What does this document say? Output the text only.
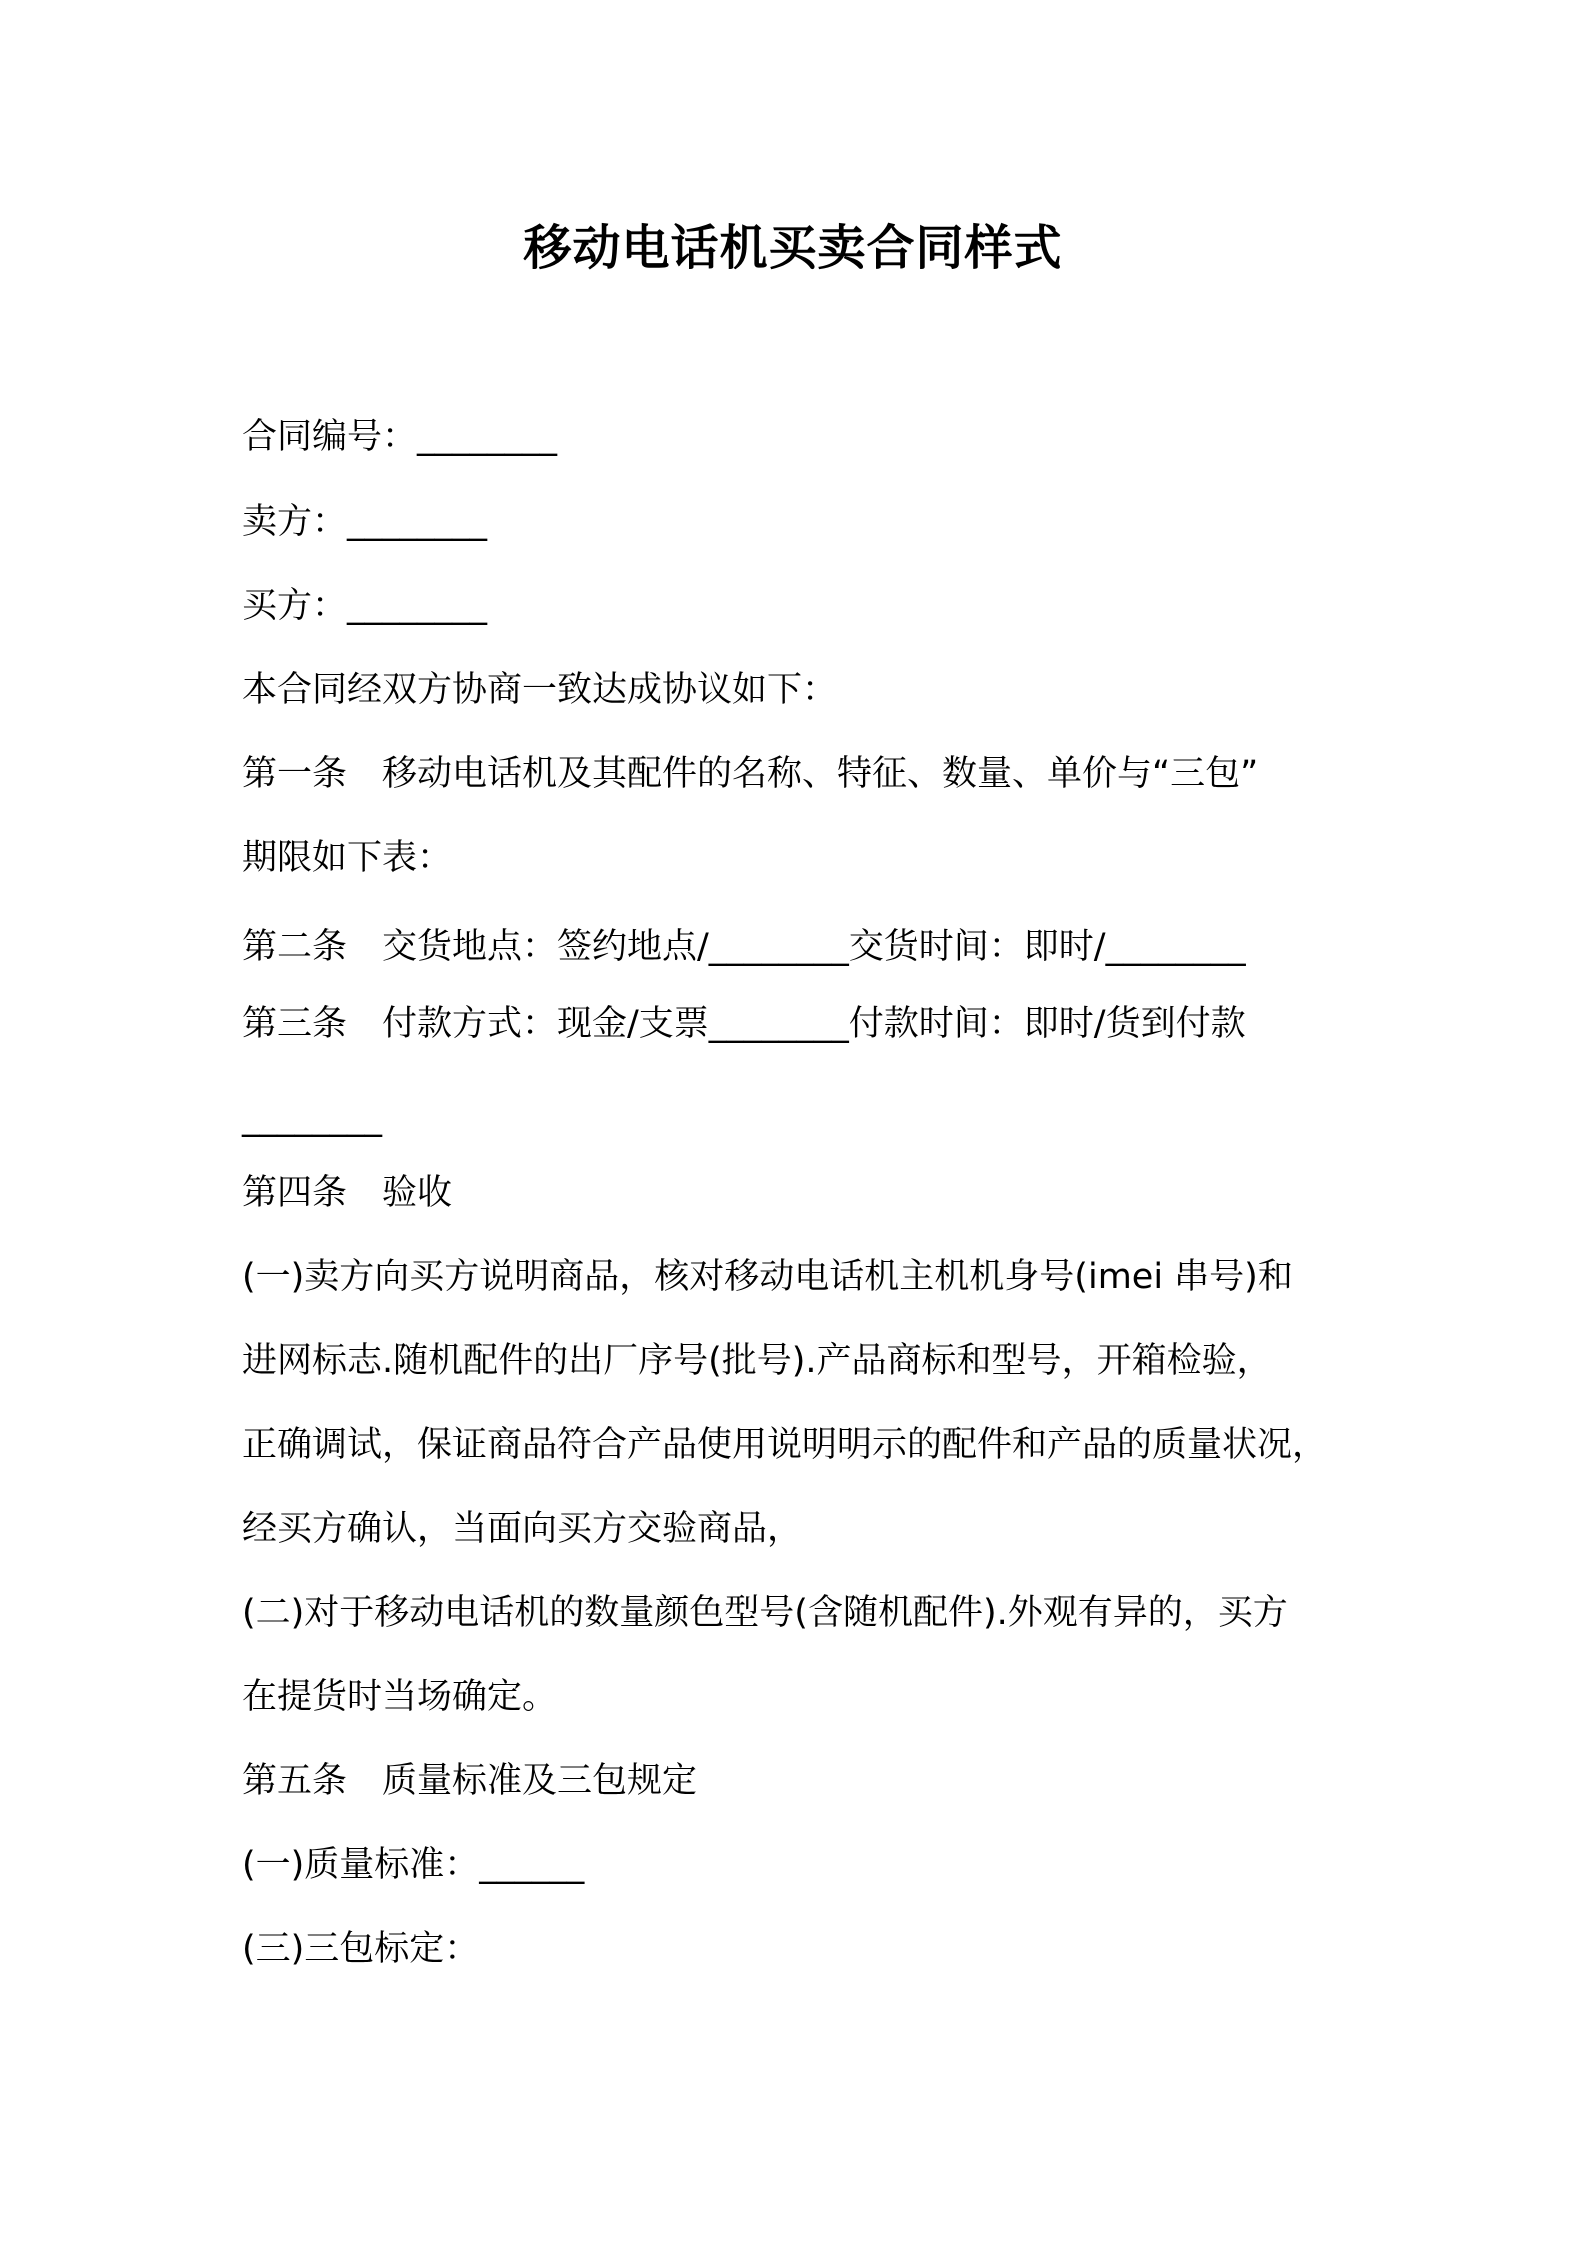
移动电话机买卖合同样式
合同编号：________
卖方：________
买方：________
本合同经双方协商一致达成协议如下：
第一条　移动电话机及其配件的名称、特征、数量、单价与“三包”
期限如下表：
第二条　交货地点：签约地点/________交货时间：即时/________
第三条　付款方式：现金/支票________付款时间：即时/货到付款
________
第四条　验收
(一)卖方向买方说明商品，核对移动电话机主机机身号(imei 串号)和
进网标志.随机配件的出厂序号(批号).产品商标和型号，开箱检验，
正确调试，保证商品符合产品使用说明明示的配件和产品的质量状况，
经买方确认，当面向买方交验商品，
(二)对于移动电话机的数量颜色型号(含随机配件).外观有异的，买方
在提货时当场确定。
第五条　质量标准及三包规定
(一)质量标准：______
(三)三包标定：
